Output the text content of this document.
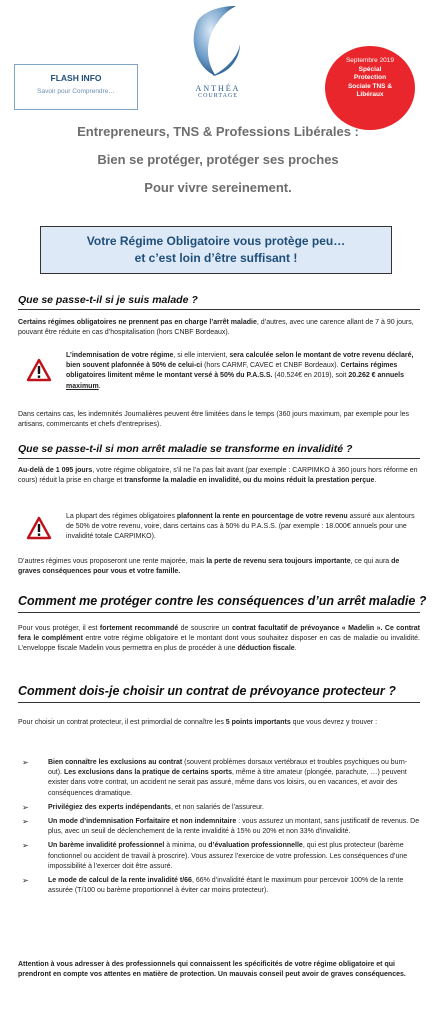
FLASH INFO
Savoir pour Comprendre…	ANTHÉA
COURTAGE
Septembre 2019
Spécial
Protection
Sociale TNS &
Libéraux
Entrepreneurs, TNS & Professions Libérales :
Bien se protéger, protéger ses proches
Pour vivre sereinement.
Votre Régime Obligatoire vous protège peu…
et c’est loin d’être suffisant !
Que se passe-t-il si je suis malade ?
Certains régimes obligatoires ne prennent pas en charge l’arrêt maladie, d’autres, avec une carence allant de 7 à 90 jours, pouvant être réduite en cas d’hospitalisation (hors CNBF Bordeaux).
L’indemnisation de votre régime, si elle intervient, sera calculée selon le montant de votre revenu déclaré, bien souvent plafonnée à 50% de celui-ci (hors CARMF, CAVEC et CNBF Bordeaux). Certains régimes obligatoires limitent même le montant versé à 50% du P.A.S.S. (40.524€ en 2019), soit 20.262 € annuels maximum.
Dans certains cas, les indemnités Journalières peuvent être limitées dans le temps (360 jours maximum, par exemple pour les artisans, commercants et chefs d’entreprises).
Que se passe-t-il si mon arrêt maladie se transforme en invalidité ?
Au-delà de 1 095 jours, votre régime obligatoire, s’il ne l’a pas fait avant (par exemple : CARPIMKO à 360 jours hors réforme en cours) réduit la prise en charge et transforme la maladie en invalidité, ou du moins réduit la prestation perçue.
La plupart des régimes obligatoires plafonnent la rente en pourcentage de votre revenu assuré aux alentours de 50% de votre revenu, voire, dans certains cas à 50% du P.A.S.S. (par exemple : 18.000€ annuels pour une invalidité totale CARPIMKO).
D’autres régimes vous proposeront une rente majorée, mais la perte de revenu sera toujours importante, ce qui aura de graves conséquences pour vous et votre famille.
Comment me protéger contre les conséquences d’un arrêt maladie ?
Pour vous protéger, il est fortement recommandé de souscrire un contrat facultatif de prévoyance « Madelin ». Ce contrat fera le complément entre votre régime obligatoire et le montant dont vous souhaitez disposer en cas de maladie ou invalidité. L’enveloppe fiscale Madelin vous permettra en plus de procéder à une déduction fiscale.
Comment dois-je choisir un contrat de prévoyance protecteur ?
Pour choisir un contrat protecteur, il est primordial de connaître les 5 points importants que vous devrez y trouver :
➢	Bien connaître les exclusions au contrat (souvent problèmes dorsaux vertébraux et troubles psychiques ou burn-out). Les exclusions dans la pratique de certains sports, même à titre amateur (plongée, parachute, …) peuvent exister dans votre contrat, un accident ne serait pas assuré, même dans vos loisirs, ou en vacances, et avoir des conséquences dramatique.
➢	Privilégiez des experts indépendants, et non salariés de l’assureur.
➢	Un mode d’indemnisation Forfaitaire et non indemnitaire : vous assurez un montant, sans justificatif de revenus. De plus, avec un seuil de déclenchement de la rente invalidité à 15% ou 20% et non 33% d’invalidité.
➢	Un barème invalidité professionnel à minima, ou d’évaluation professionnelle, qui est plus protecteur (barème fonctionnel ou accident de travail à proscrire). Vous assurez l’exercice de votre profession. Les conséquences d’une impossibilité à l’exercer doit être assuré.
➢	Le mode de calcul de la rente invalidité t/66, 66% d’invalidité étant le maximum pour percevoir 100% de la rente assurée (T/100 ou barème proportionnel à éviter car moins protecteur).
Attention à vous adresser à des professionnels qui connaissent les spécificités de votre régime obligatoire et qui prendront en compte vos attentes en matière de protection. Un mauvais conseil peut avoir de graves conséquences.
